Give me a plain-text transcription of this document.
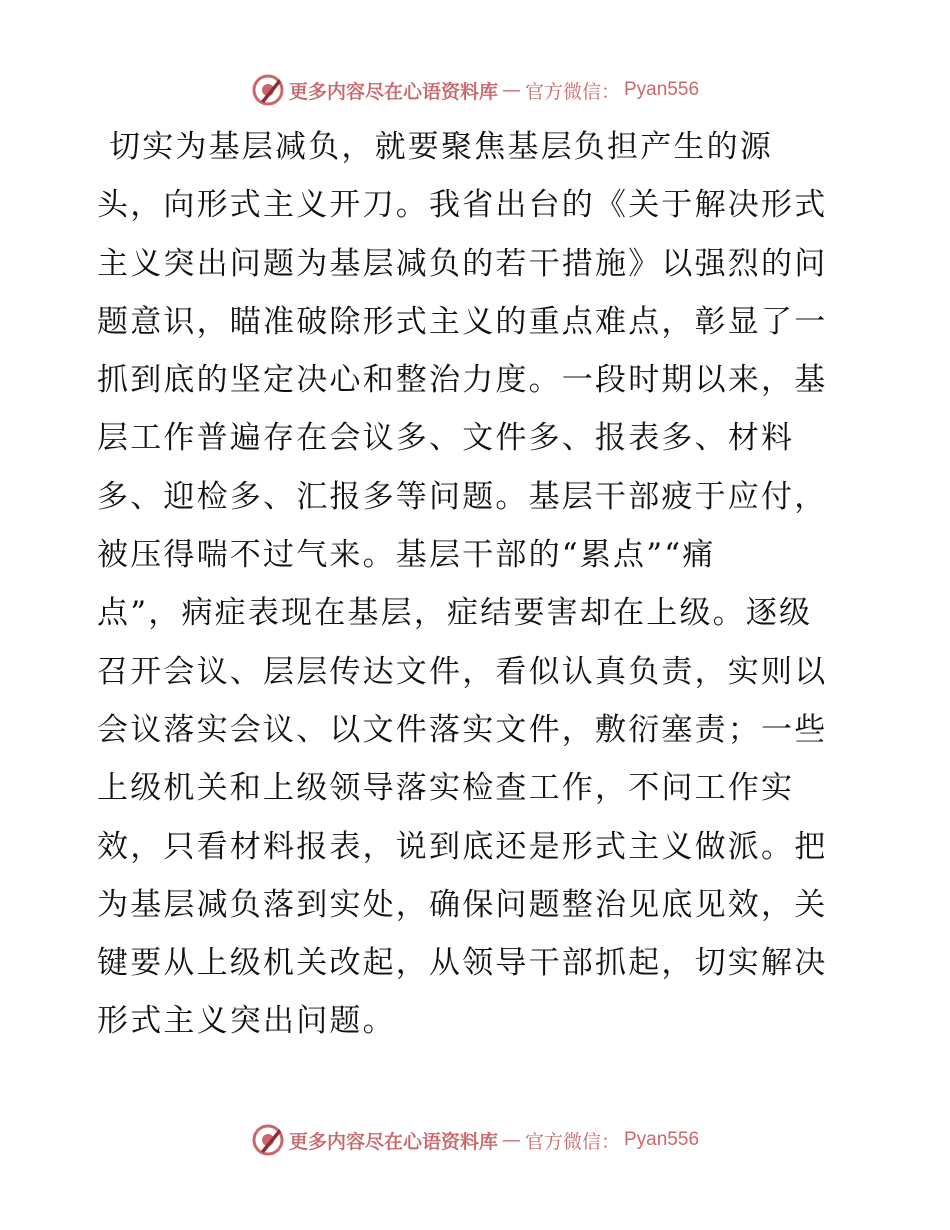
更多内容尽在心语资料库 — 官方微信： Pyan556
切实为基层减负，就要聚焦基层负担产生的源
头，向形式主义开刀。我省出台的《关于解决形式
主义突出问题为基层减负的若干措施》以强烈的问
题意识，瞄准破除形式主义的重点难点，彰显了一
抓到底的坚定决心和整治力度。一段时期以来，基
层工作普遍存在会议多、文件多、报表多、材料
多、迎检多、汇报多等问题。基层干部疲于应付，
被压得喘不过气来。基层干部的“累点”“痛
点”，病症表现在基层，症结要害却在上级。逐级
召开会议、层层传达文件，看似认真负责，实则以
会议落实会议、以文件落实文件，敷衍塞责；一些
上级机关和上级领导落实检查工作，不问工作实
效，只看材料报表，说到底还是形式主义做派。把
为基层减负落到实处，确保问题整治见底见效，关
键要从上级机关改起，从领导干部抓起，切实解决
形式主义突出问题。
更多内容尽在心语资料库 — 官方微信： Pyan556
